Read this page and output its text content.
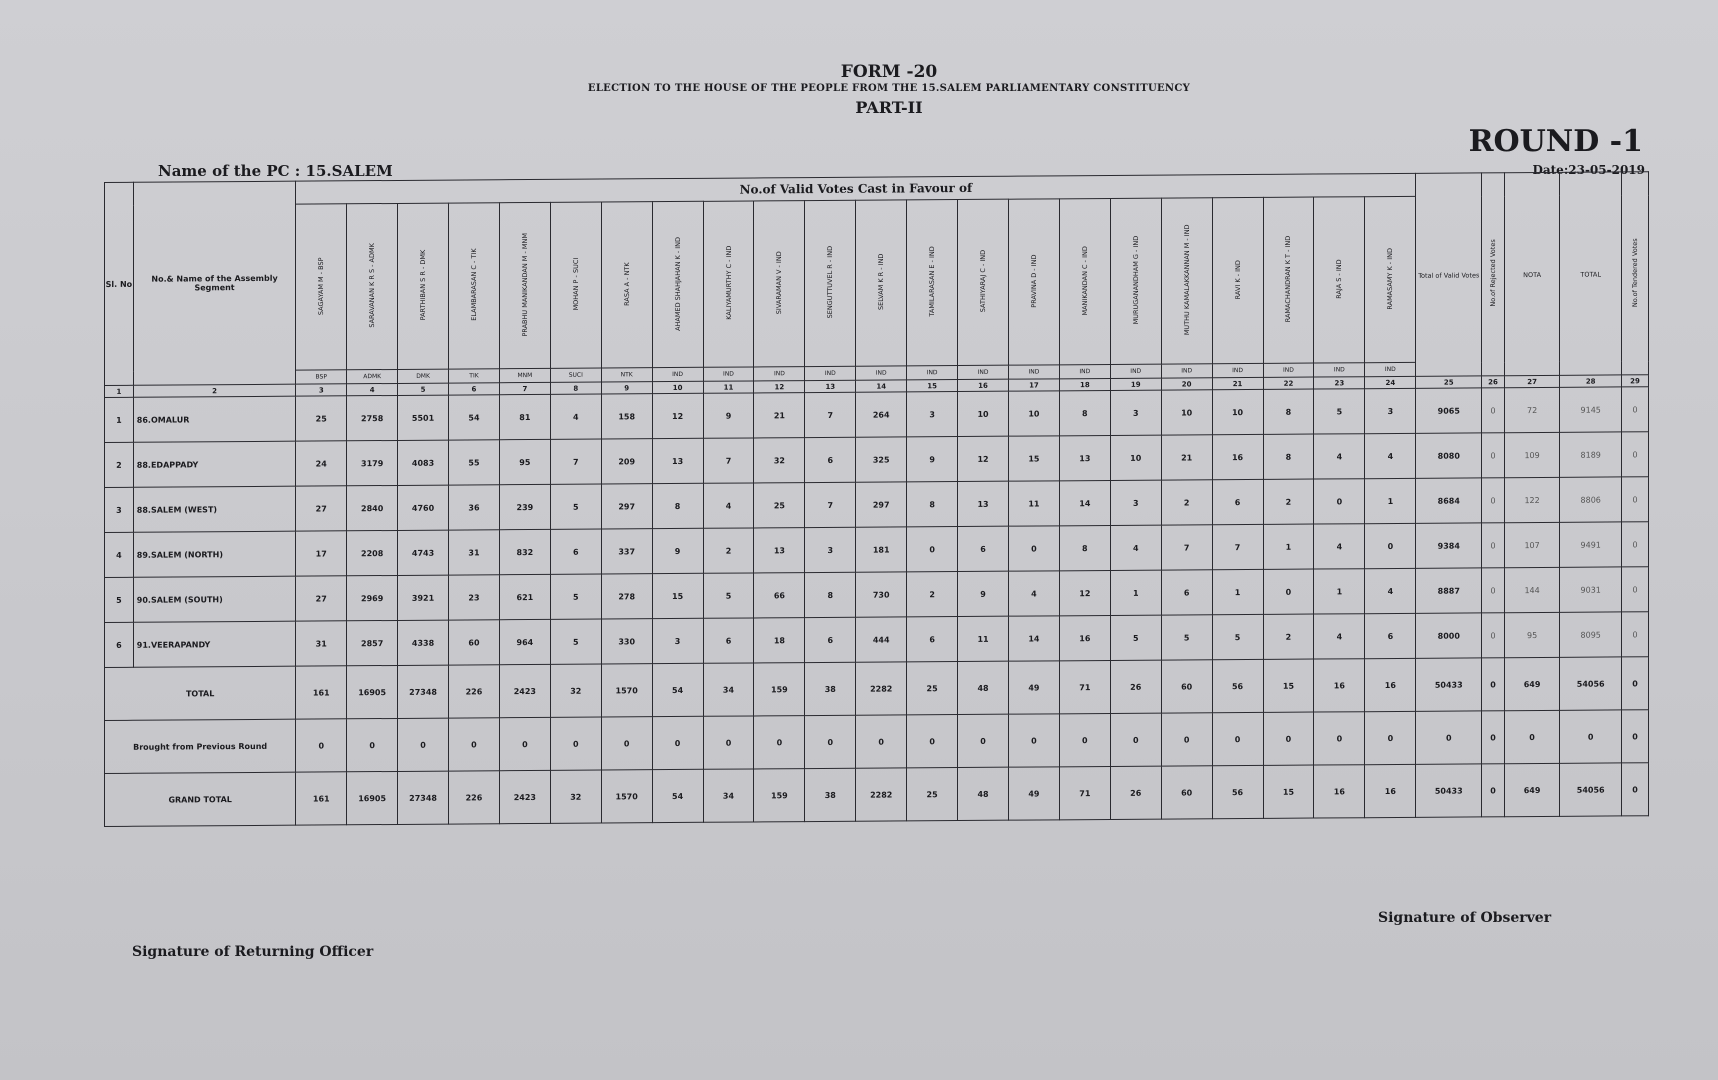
FORM -20
ELECTION TO THE HOUSE OF THE PEOPLE FROM THE 15.SALEM PARLIAMENTARY CONSTITUENCY
PART-II
ROUND -1
Name of the PC : 15.SALEM	Date:23-05-2019
Sl. No	No.& Name of the Assembly Segment	No.of Valid Votes Cast in Favour of																						Total of Valid Votes	No.of Rejected Votes	NOTA	TOTAL	No.of Tendered Votes
		SAGAYAM M - BSP	SARAVANAN K R S - ADMK	PARTHIBAN S R - DMK	ELAMBARASAN C - TIK	PRABHU MANIKANDAN M - MNM	MOHAN P - SUCI	RASA A - NTK	AHAMED SHAHJAHAN K - IND	KALIYAMURTHY C - IND	SIVARAMAN V - IND	SENGUTTUVEL R - IND	SELVAM K R - IND	TAMILARASAN E - IND	SATHIYARAJ C - IND	PRAVINA D - IND	MANIKANDAN C - IND	MURUGANANDHAM G - IND	MUTHU KAMALAKKANNAN M - IND	RAVI K - IND	RAMACHANDRAN K T - IND	RAJA S - IND	RAMASAMY K - IND					
		BSP	ADMK	DMK	TIK	MNM	SUCI	NTK	IND	IND	IND	IND	IND	IND	IND	IND	IND	IND	IND	IND	IND	IND	IND					
1	2	3	4	5	6	7	8	9	10	11	12	13	14	15	16	17	18	19	20	21	22	23	24	25	26	27	28	29
1	86.OMALUR	25	2758	5501	54	81	4	158	12	9	21	7	264	3	10	10	8	3	10	10	8	5	3	9065	0	72	9145	0
2	88.EDAPPADY	24	3179	4083	55	95	7	209	13	7	32	6	325	9	12	15	13	10	21	16	8	4	4	8080	0	109	8189	0
3	88.SALEM (WEST)	27	2840	4760	36	239	5	297	8	4	25	7	297	8	13	11	14	3	2	6	2	0	1	8684	0	122	8806	0
4	89.SALEM (NORTH)	17	2208	4743	31	832	6	337	9	2	13	3	181	0	6	0	8	4	7	7	1	4	0	9384	0	107	9491	0
5	90.SALEM (SOUTH)	27	2969	3921	23	621	5	278	15	5	66	8	730	2	9	4	12	1	6	1	0	1	4	8887	0	144	9031	0
6	91.VEERAPANDY	31	2857	4338	60	964	5	330	3	6	18	6	444	6	11	14	16	5	5	5	2	4	6	8000	0	95	8095	0
TOTAL		161	16905	27348	226	2423	32	1570	54	34	159	38	2282	25	48	49	71	26	60	56	15	16	16	50433	0	649	54056	0
Brought from Previous Round		0	0	0	0	0	0	0	0	0	0	0	0	0	0	0	0	0	0	0	0	0	0	0	0	0	0	0
GRAND TOTAL		161	16905	27348	226	2423	32	1570	54	34	159	38	2282	25	48	49	71	26	60	56	15	16	16	50433	0	649	54056	0
Signature of Observer
Signature of Returning Officer
